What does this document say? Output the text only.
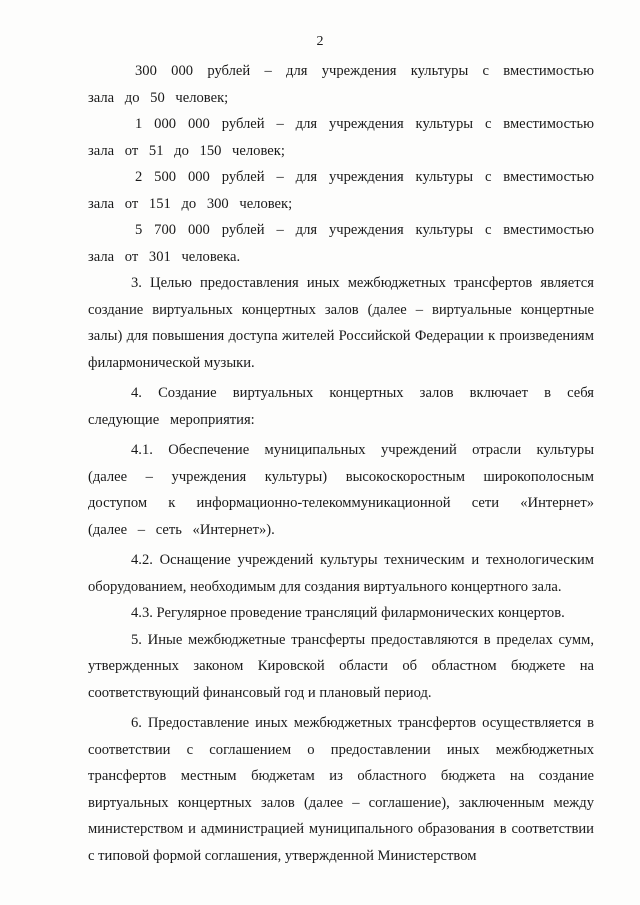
2

300 000 рублей – для учреждения культуры с вместимостью зала до 50 человек;

1 000 000 рублей – для учреждения культуры с вместимостью зала от 51 до 150 человек;

2 500 000 рублей – для учреждения культуры с вместимостью зала от 151 до 300 человек;

5 700 000 рублей – для учреждения культуры с вместимостью зала от 301 человека.

3. Целью предоставления иных межбюджетных трансфертов является создание виртуальных концертных залов (далее – виртуальные концертные залы) для повышения доступа жителей Российской Федерации к произведениям филармонической музыки.

4. Создание виртуальных концертных залов включает в себя следующие мероприятия:

4.1. Обеспечение муниципальных учреждений отрасли культуры (далее – учреждения культуры) высокоскоростным широкополосным доступом к информационно-телекоммуникационной сети «Интернет» (далее – сеть «Интернет»).

4.2. Оснащение учреждений культуры техническим и технологическим оборудованием, необходимым для создания виртуального концертного зала.

4.3. Регулярное проведение трансляций филармонических концертов.

5. Иные межбюджетные трансферты предоставляются в пределах сумм, утвержденных законом Кировской области об областном бюджете на соответствующий финансовый год и плановый период.

6. Предоставление иных межбюджетных трансфертов осуществляется в соответствии с соглашением о предоставлении иных межбюджетных трансфертов местным бюджетам из областного бюджета на создание виртуальных концертных залов (далее – соглашение), заключенным между министерством и администрацией муниципального образования в соответствии с типовой формой соглашения, утвержденной Министерством
